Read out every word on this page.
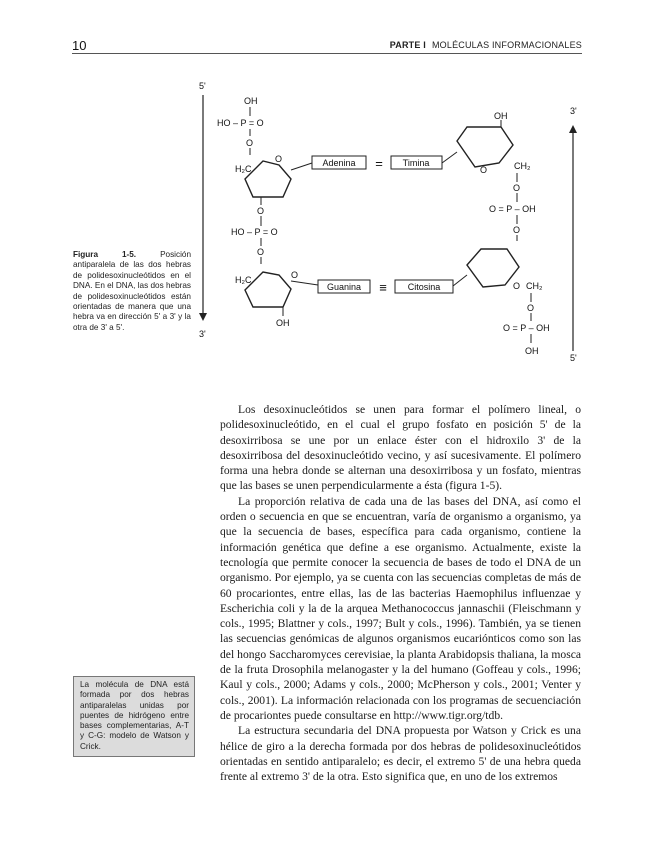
10	PARTE I MOLÉCULAS INFORMACIONALES
Figura 1-5.	Posición antiparalela de las dos hebras de polidesoxinucleótidos en el DNA. En el DNA, las dos hebras de polidesoxinucleótidos están orientadas de manera que una hebra va en dirección 5' a 3' y la otra de 3' a 5'.
5'
3'
3'
5'
OH
HO – P = O
O
H₂C
O
O
Adenina = Timina
OH
O	CH₂
O
O = P – OH
O
HO – P = O
O
H₂C	O
OH
Guanina ≡ Citosina	O CH₂
O
O = P – OH
OH

Los desoxinucleótidos se unen para formar el polímero lineal, o polidesoxinucleótido, en el cual el grupo fosfato en posición 5' de la desoxirribosa se une por un enlace éster con el hidroxilo 3' de la desoxirribosa del desoxinucleótido vecino, y así sucesivamente. El polímero forma una hebra donde se alternan una desoxirribosa y un fosfato, mientras que las bases se unen perpendicularmente a ésta (figura 1-5).

La proporción relativa de cada una de las bases del DNA, así como el orden o secuencia en que se encuentran, varía de organismo a organismo, ya que la secuencia de bases, específica para cada organismo, contiene la información genética que define a ese organismo. Actualmente, existe la tecnología que permite conocer la secuencia de bases de todo el DNA de un organismo. Por ejemplo, ya se cuenta con las secuencias completas de más de 60 procariontes, entre ellas, las de las bacterias Haemophilus influenzae y Escherichia coli y la de la arquea Methanococcus jannaschii (Fleischmann y cols., 1995; Blattner y cols., 1997; Bult y cols., 1996). También, ya se tienen las secuencias genómicas de algunos organismos eucariónticos como son las del hongo Saccharomyces cerevisiae, la planta Arabidopsis thaliana, la mosca de la fruta Drosophila melanogaster y la del humano (Goffeau y cols., 1996; Kaul y cols., 2000; Adams y cols., 2000; McPherson y cols., 2001; Venter y cols., 2001). La información relacionada con los programas de secuenciación de procariontes puede consultarse en http://www.tigr.org/tdb.

La estructura secundaria del DNA propuesta por Watson y Crick es una hélice de giro a la derecha formada por dos hebras de polidesoxinucleótidos orientadas en sentido antiparalelo; es decir, el extremo 5' de una hebra queda frente al extremo 3' de la otra. Esto significa que, en uno de los extremos

La molécula de DNA está formada por dos hebras antiparalelas unidas por puentes de hidrógeno entre bases complementarias, A-T y C-G: modelo de Watson y Crick.
